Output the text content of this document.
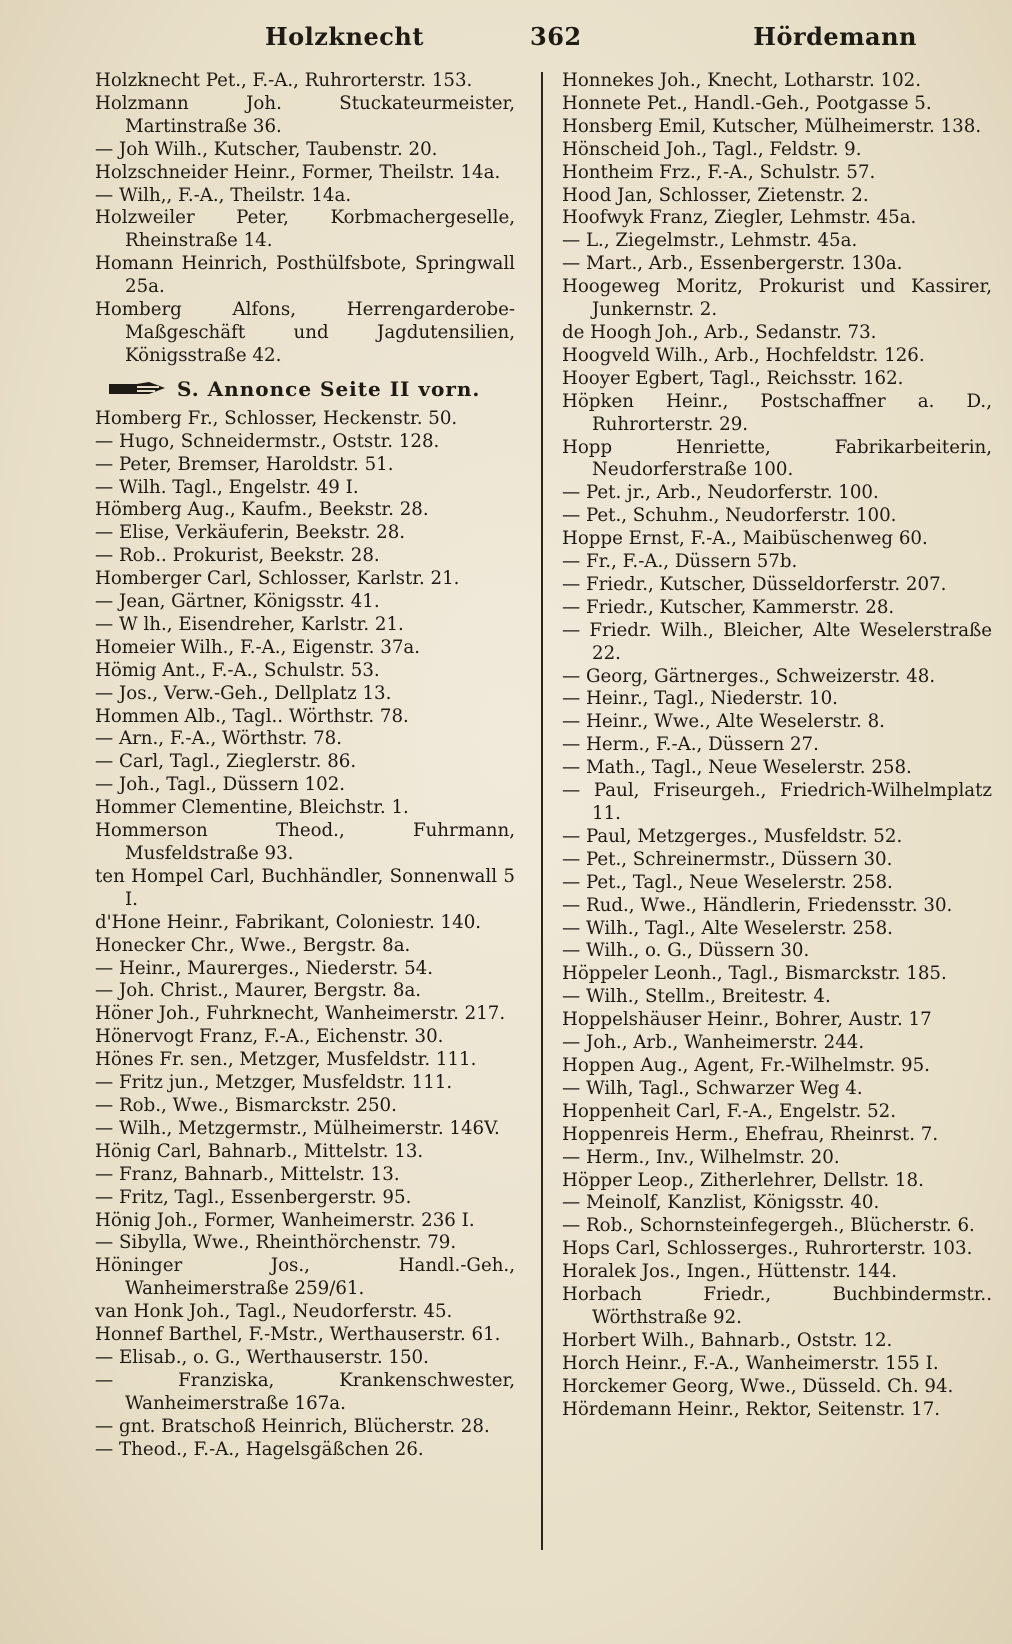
Holzknecht	362	Hördemann
Holzknecht Pet., F.-A., Ruhrorterstr. 153.
Holzmann Joh. Stuckateurmeister, Martinstraße 36.
— Joh Wilh., Kutscher, Taubenstr. 20.
Holzschneider Heinr., Former, Theilstr. 14a.
— Wilh,, F.-A., Theilstr. 14a.
Holzweiler Peter, Korbmachergeselle, Rheinstraße 14.
Homann Heinrich, Posthülfsbote, Springwall 25a.
Homberg Alfons, Herrengarderobe-Maßgeschäft und Jagdutensilien, Königsstraße 42.
S. Annonce Seite II vorn.
Homberg Fr., Schlosser, Heckenstr. 50.
— Hugo, Schneidermstr., Oststr. 128.
— Peter, Bremser, Haroldstr. 51.
— Wilh. Tagl., Engelstr. 49 I.
Hömberg Aug., Kaufm., Beekstr. 28.
— Elise, Verkäuferin, Beekstr. 28.
— Rob.. Prokurist, Beekstr. 28.
Homberger Carl, Schlosser, Karlstr. 21.
— Jean, Gärtner, Königsstr. 41.
— W lh., Eisendreher, Karlstr. 21.
Homeier Wilh., F.-A., Eigenstr. 37a.
Hömig Ant., F.-A., Schulstr. 53.
— Jos., Verw.-Geh., Dellplatz 13.
Hommen Alb., Tagl.. Wörthstr. 78.
— Arn., F.-A., Wörthstr. 78.
— Carl, Tagl., Zieglerstr. 86.
— Joh., Tagl., Düssern 102.
Hommer Clementine, Bleichstr. 1.
Hommerson Theod., Fuhrmann, Musfeldstraße 93.
ten Hompel Carl, Buchhändler, Sonnenwall 5 I.
d'Hone Heinr., Fabrikant, Coloniestr. 140.
Honecker Chr., Wwe., Bergstr. 8a.
— Heinr., Maurerges., Niederstr. 54.
— Joh. Christ., Maurer, Bergstr. 8a.
Höner Joh., Fuhrknecht, Wanheimerstr. 217.
Hönervogt Franz, F.-A., Eichenstr. 30.
Hönes Fr. sen., Metzger, Musfeldstr. 111.
— Fritz jun., Metzger, Musfeldstr. 111.
— Rob., Wwe., Bismarckstr. 250.
— Wilh., Metzgermstr., Mülheimerstr. 146V.
Hönig Carl, Bahnarb., Mittelstr. 13.
— Franz, Bahnarb., Mittelstr. 13.
— Fritz, Tagl., Essenbergerstr. 95.
Hönig Joh., Former, Wanheimerstr. 236 I.
— Sibylla, Wwe., Rheinthörchenstr. 79.
Höninger Jos., Handl.-Geh., Wanheimerstraße 259/61.
van Honk Joh., Tagl., Neudorferstr. 45.
Honnef Barthel, F.-Mstr., Werthauserstr. 61.
— Elisab., o. G., Werthauserstr. 150.
— Franziska, Krankenschwester, Wanheimerstraße 167a.
— gnt. Bratschoß Heinrich, Blücherstr. 28.
— Theod., F.-A., Hagelsgäßchen 26.
Honnekes Joh., Knecht, Lotharstr. 102.
Honnete Pet., Handl.-Geh., Pootgasse 5.
Honsberg Emil, Kutscher, Mülheimerstr. 138.
Hönscheid Joh., Tagl., Feldstr. 9.
Hontheim Frz., F.-A., Schulstr. 57.
Hood Jan, Schlosser, Zietenstr. 2.
Hoofwyk Franz, Ziegler, Lehmstr. 45a.
— L., Ziegelmstr., Lehmstr. 45a.
— Mart., Arb., Essenbergerstr. 130a.
Hoogeweg Moritz, Prokurist und Kassirer, Junkernstr. 2.
de Hoogh Joh., Arb., Sedanstr. 73.
Hoogveld Wilh., Arb., Hochfeldstr. 126.
Hooyer Egbert, Tagl., Reichsstr. 162.
Höpken Heinr., Postschaffner a. D., Ruhrorterstr. 29.
Hopp Henriette, Fabrikarbeiterin, Neudorferstraße 100.
— Pet. jr., Arb., Neudorferstr. 100.
— Pet., Schuhm., Neudorferstr. 100.
Hoppe Ernst, F.-A., Maibüschenweg 60.
— Fr., F.-A., Düssern 57b.
— Friedr., Kutscher, Düsseldorferstr. 207.
— Friedr., Kutscher, Kammerstr. 28.
— Friedr. Wilh., Bleicher, Alte Weselerstraße 22.
— Georg, Gärtnerges., Schweizerstr. 48.
— Heinr., Tagl., Niederstr. 10.
— Heinr., Wwe., Alte Weselerstr. 8.
— Herm., F.-A., Düssern 27.
— Math., Tagl., Neue Weselerstr. 258.
— Paul, Friseurgeh., Friedrich-Wilhelmplatz 11.
— Paul, Metzgerges., Musfeldstr. 52.
— Pet., Schreinermstr., Düssern 30.
— Pet., Tagl., Neue Weselerstr. 258.
— Rud., Wwe., Händlerin, Friedensstr. 30.
— Wilh., Tagl., Alte Weselerstr. 258.
— Wilh., o. G., Düssern 30.
Höppeler Leonh., Tagl., Bismarckstr. 185.
— Wilh., Stellm., Breitestr. 4.
Hoppelshäuser Heinr., Bohrer, Austr. 17
— Joh., Arb., Wanheimerstr. 244.
Hoppen Aug., Agent, Fr.-Wilhelmstr. 95.
— Wilh, Tagl., Schwarzer Weg 4.
Hoppenheit Carl, F.-A., Engelstr. 52.
Hoppenreis Herm., Ehefrau, Rheinrst. 7.
— Herm., Inv., Wilhelmstr. 20.
Höpper Leop., Zitherlehrer, Dellstr. 18.
— Meinolf, Kanzlist, Königsstr. 40.
— Rob., Schornsteinfegergeh., Blücherstr. 6.
Hops Carl, Schlosserges., Ruhrorterstr. 103.
Horalek Jos., Ingen., Hüttenstr. 144.
Horbach Friedr., Buchbindermstr.. Wörthstraße 92.
Horbert Wilh., Bahnarb., Oststr. 12.
Horch Heinr., F.-A., Wanheimerstr. 155 I.
Horckemer Georg, Wwe., Düsseld. Ch. 94.
Hördemann Heinr., Rektor, Seitenstr. 17.
